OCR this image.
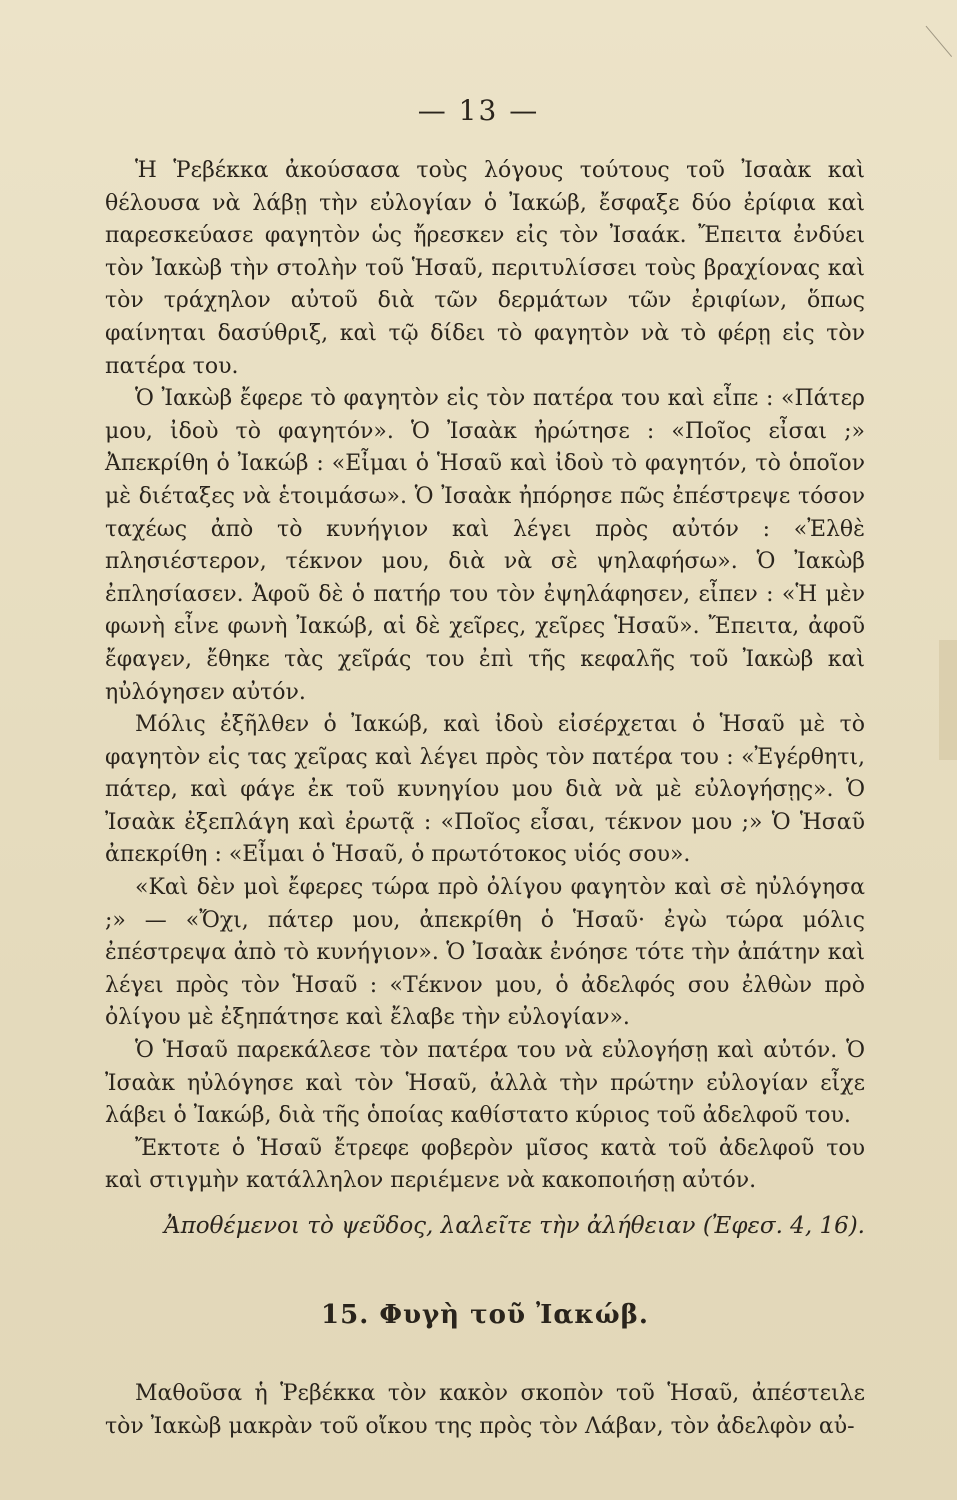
— 13 —

Ἡ Ῥεβέκκα ἀκούσασα τοὺς λόγους τούτους τοῦ Ἰσαὰκ καὶ θέλουσα νὰ λάβῃ τὴν εὐλογίαν ὁ Ἰακώβ, ἔσφαξε δύο ἐρίφια καὶ παρεσκεύασε φαγητὸν ὡς ἤρεσκεν εἰς τὸν Ἰσαάκ. Ἔπειτα ἐνδύει τὸν Ἰακὼβ τὴν στολὴν τοῦ Ἡσαῦ, περιτυλίσσει τοὺς βραχίονας καὶ τὸν τράχηλον αὐτοῦ διὰ τῶν δερμάτων τῶν ἐριφίων, ὅπως φαίνηται δασύθριξ, καὶ τῷ δίδει τὸ φαγητὸν νὰ τὸ φέρῃ εἰς τὸν πατέρα του.

Ὁ Ἰακὼβ ἔφερε τὸ φαγητὸν εἰς τὸν πατέρα του καὶ εἶπε : «Πάτερ μου, ἰδοὺ τὸ φαγητόν». Ὁ Ἰσαὰκ ἠρώτησε : «Ποῖος εἶσαι ;» Ἀπεκρίθη ὁ Ἰακώβ : «Εἶμαι ὁ Ἡσαῦ καὶ ἰδοὺ τὸ φαγητόν, τὸ ὁποῖον μὲ διέταξες νὰ ἑτοιμάσω». Ὁ Ἰσαὰκ ἠπόρησε πῶς ἐπέστρεψε τόσον ταχέως ἀπὸ τὸ κυνήγιον καὶ λέγει πρὸς αὐτόν : «Ἐλθὲ πλησιέστερον, τέκνον μου, διὰ νὰ σὲ ψηλαφήσω». Ὁ Ἰακὼβ ἐπλησίασεν. Ἀφοῦ δὲ ὁ πατήρ του τὸν ἐψηλάφησεν, εἶπεν : «Ἡ μὲν φωνὴ εἶνε φωνὴ Ἰακώβ, αἱ δὲ χεῖρες, χεῖρες Ἡσαῦ». Ἔπειτα, ἀφοῦ ἔφαγεν, ἔθηκε τὰς χεῖράς του ἐπὶ τῆς κεφαλῆς τοῦ Ἰακὼβ καὶ ηὐλόγησεν αὐτόν.

Μόλις ἐξῆλθεν ὁ Ἰακώβ, καὶ ἰδοὺ εἰσέρχεται ὁ Ἡσαῦ μὲ τὸ φαγητὸν εἰς τας χεῖρας καὶ λέγει πρὸς τὸν πατέρα του : «Ἐγέρθητι, πάτερ, καὶ φάγε ἐκ τοῦ κυνηγίου μου διὰ νὰ μὲ εὐλογήσῃς». Ὁ Ἰσαὰκ ἐξεπλάγη καὶ ἐρωτᾷ : «Ποῖος εἶσαι, τέκνον μου ;» Ὁ Ἡσαῦ ἀπεκρίθη : «Εἶμαι ὁ Ἡσαῦ, ὁ πρωτότοκος υἱός σου».

«Καὶ δὲν μοὶ ἔφερες τώρα πρὸ ὀλίγου φαγητὸν καὶ σὲ ηὐλόγησα ;» — «Ὄχι, πάτερ μου, ἀπεκρίθη ὁ Ἡσαῦ· ἐγὼ τώρα μόλις ἐπέστρεψα ἀπὸ τὸ κυνήγιον». Ὁ Ἰσαὰκ ἐνόησε τότε τὴν ἀπάτην καὶ λέγει πρὸς τὸν Ἡσαῦ : «Τέκνον μου, ὁ ἀδελφός σου ἐλθὼν πρὸ ὀλίγου μὲ ἐξηπάτησε καὶ ἔλαβε τὴν εὐλογίαν».

Ὁ Ἡσαῦ παρεκάλεσε τὸν πατέρα του νὰ εὐλογήσῃ καὶ αὐτόν. Ὁ Ἰσαὰκ ηὐλόγησε καὶ τὸν Ἡσαῦ, ἀλλὰ τὴν πρώτην εὐλογίαν εἶχε λάβει ὁ Ἰακώβ, διὰ τῆς ὁποίας καθίστατο κύριος τοῦ ἀδελφοῦ του.

Ἔκτοτε ὁ Ἡσαῦ ἔτρεφε φοβερὸν μῖσος κατὰ τοῦ ἀδελφοῦ του καὶ στιγμὴν κατάλληλον περιέμενε νὰ κακοποιήσῃ αὐτόν.

Ἀποθέμενοι τὸ ψεῦδος, λαλεῖτε τὴν ἀλήθειαν (Ἐφεσ. 4, 16).

15. Φυγὴ τοῦ Ἰακώβ.

Μαθοῦσα ἡ Ῥεβέκκα τὸν κακὸν σκοπὸν τοῦ Ἡσαῦ, ἀπέστειλε τὸν Ἰακὼβ μακρὰν τοῦ οἴκου της πρὸς τὸν Λάβαν, τὸν ἀδελφὸν αὐ-
